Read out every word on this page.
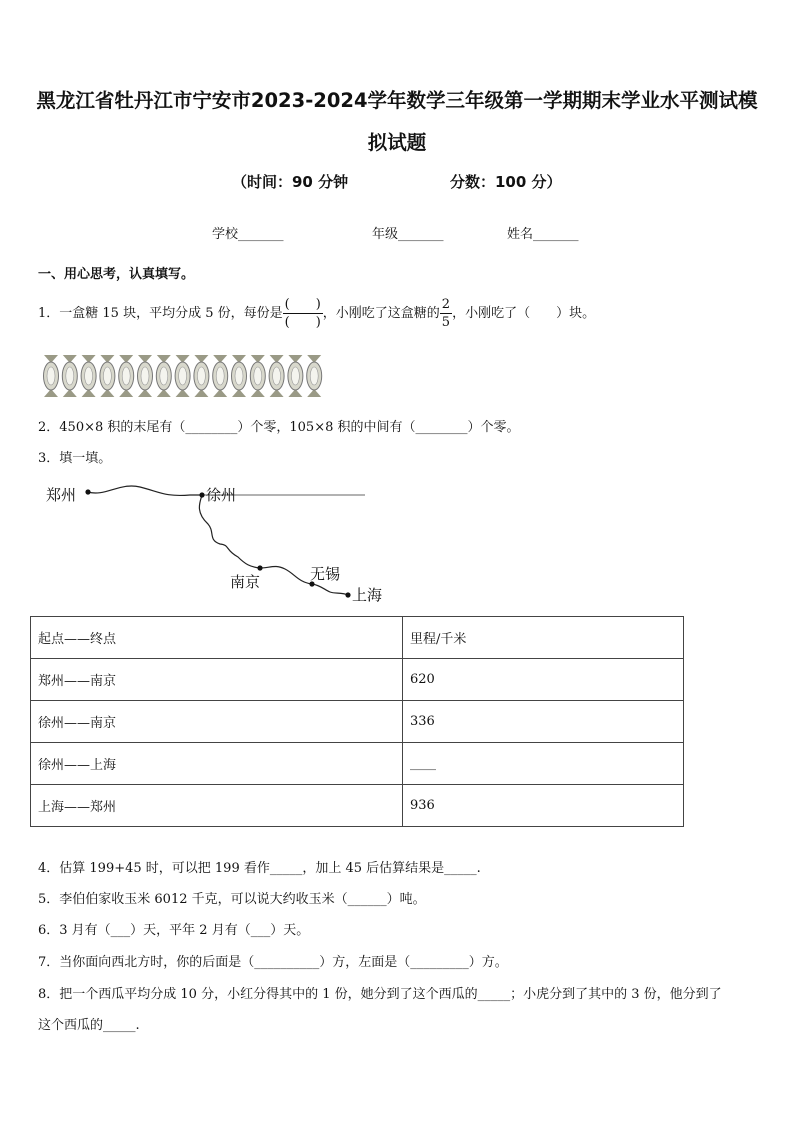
黑龙江省牡丹江市宁安市2023-2024学年数学三年级第一学期期末学业水平测试模拟试题
（时间：90 分钟	分数：100 分）
学校_______	年级_______	姓名_______
一、用心思考，认真填写。
1．一盒糖 15 块，平均分成 5 份，每份是 $\frac{( )}{( )}$ ，小刚吃了这盒糖的 $\frac{2}{5}$ ，小刚吃了（　　）块。
2．450×8 积的末尾有（________）个零，105×8 积的中间有（________）个零。
3．填一填。
郑州	徐州
南京	无锡
上海
起点——终点	里程/千米
郑州——南京	620
徐州——南京	336
徐州——上海	____
上海——郑州	936
4．估算 199+45 时，可以把 199 看作_____，加上 45 后估算结果是_____.
5．李伯伯家收玉米 6012 千克，可以说大约收玉米（______）吨。
6．3 月有（___）天，平年 2 月有（___）天。
7．当你面向西北方时，你的后面是（__________）方，左面是（_________）方。
8．把一个西瓜平均分成 10 分，小红分得其中的 1 份，她分到了这个西瓜的_____；小虎分到了其中的 3 份，他分到了
这个西瓜的_____.
